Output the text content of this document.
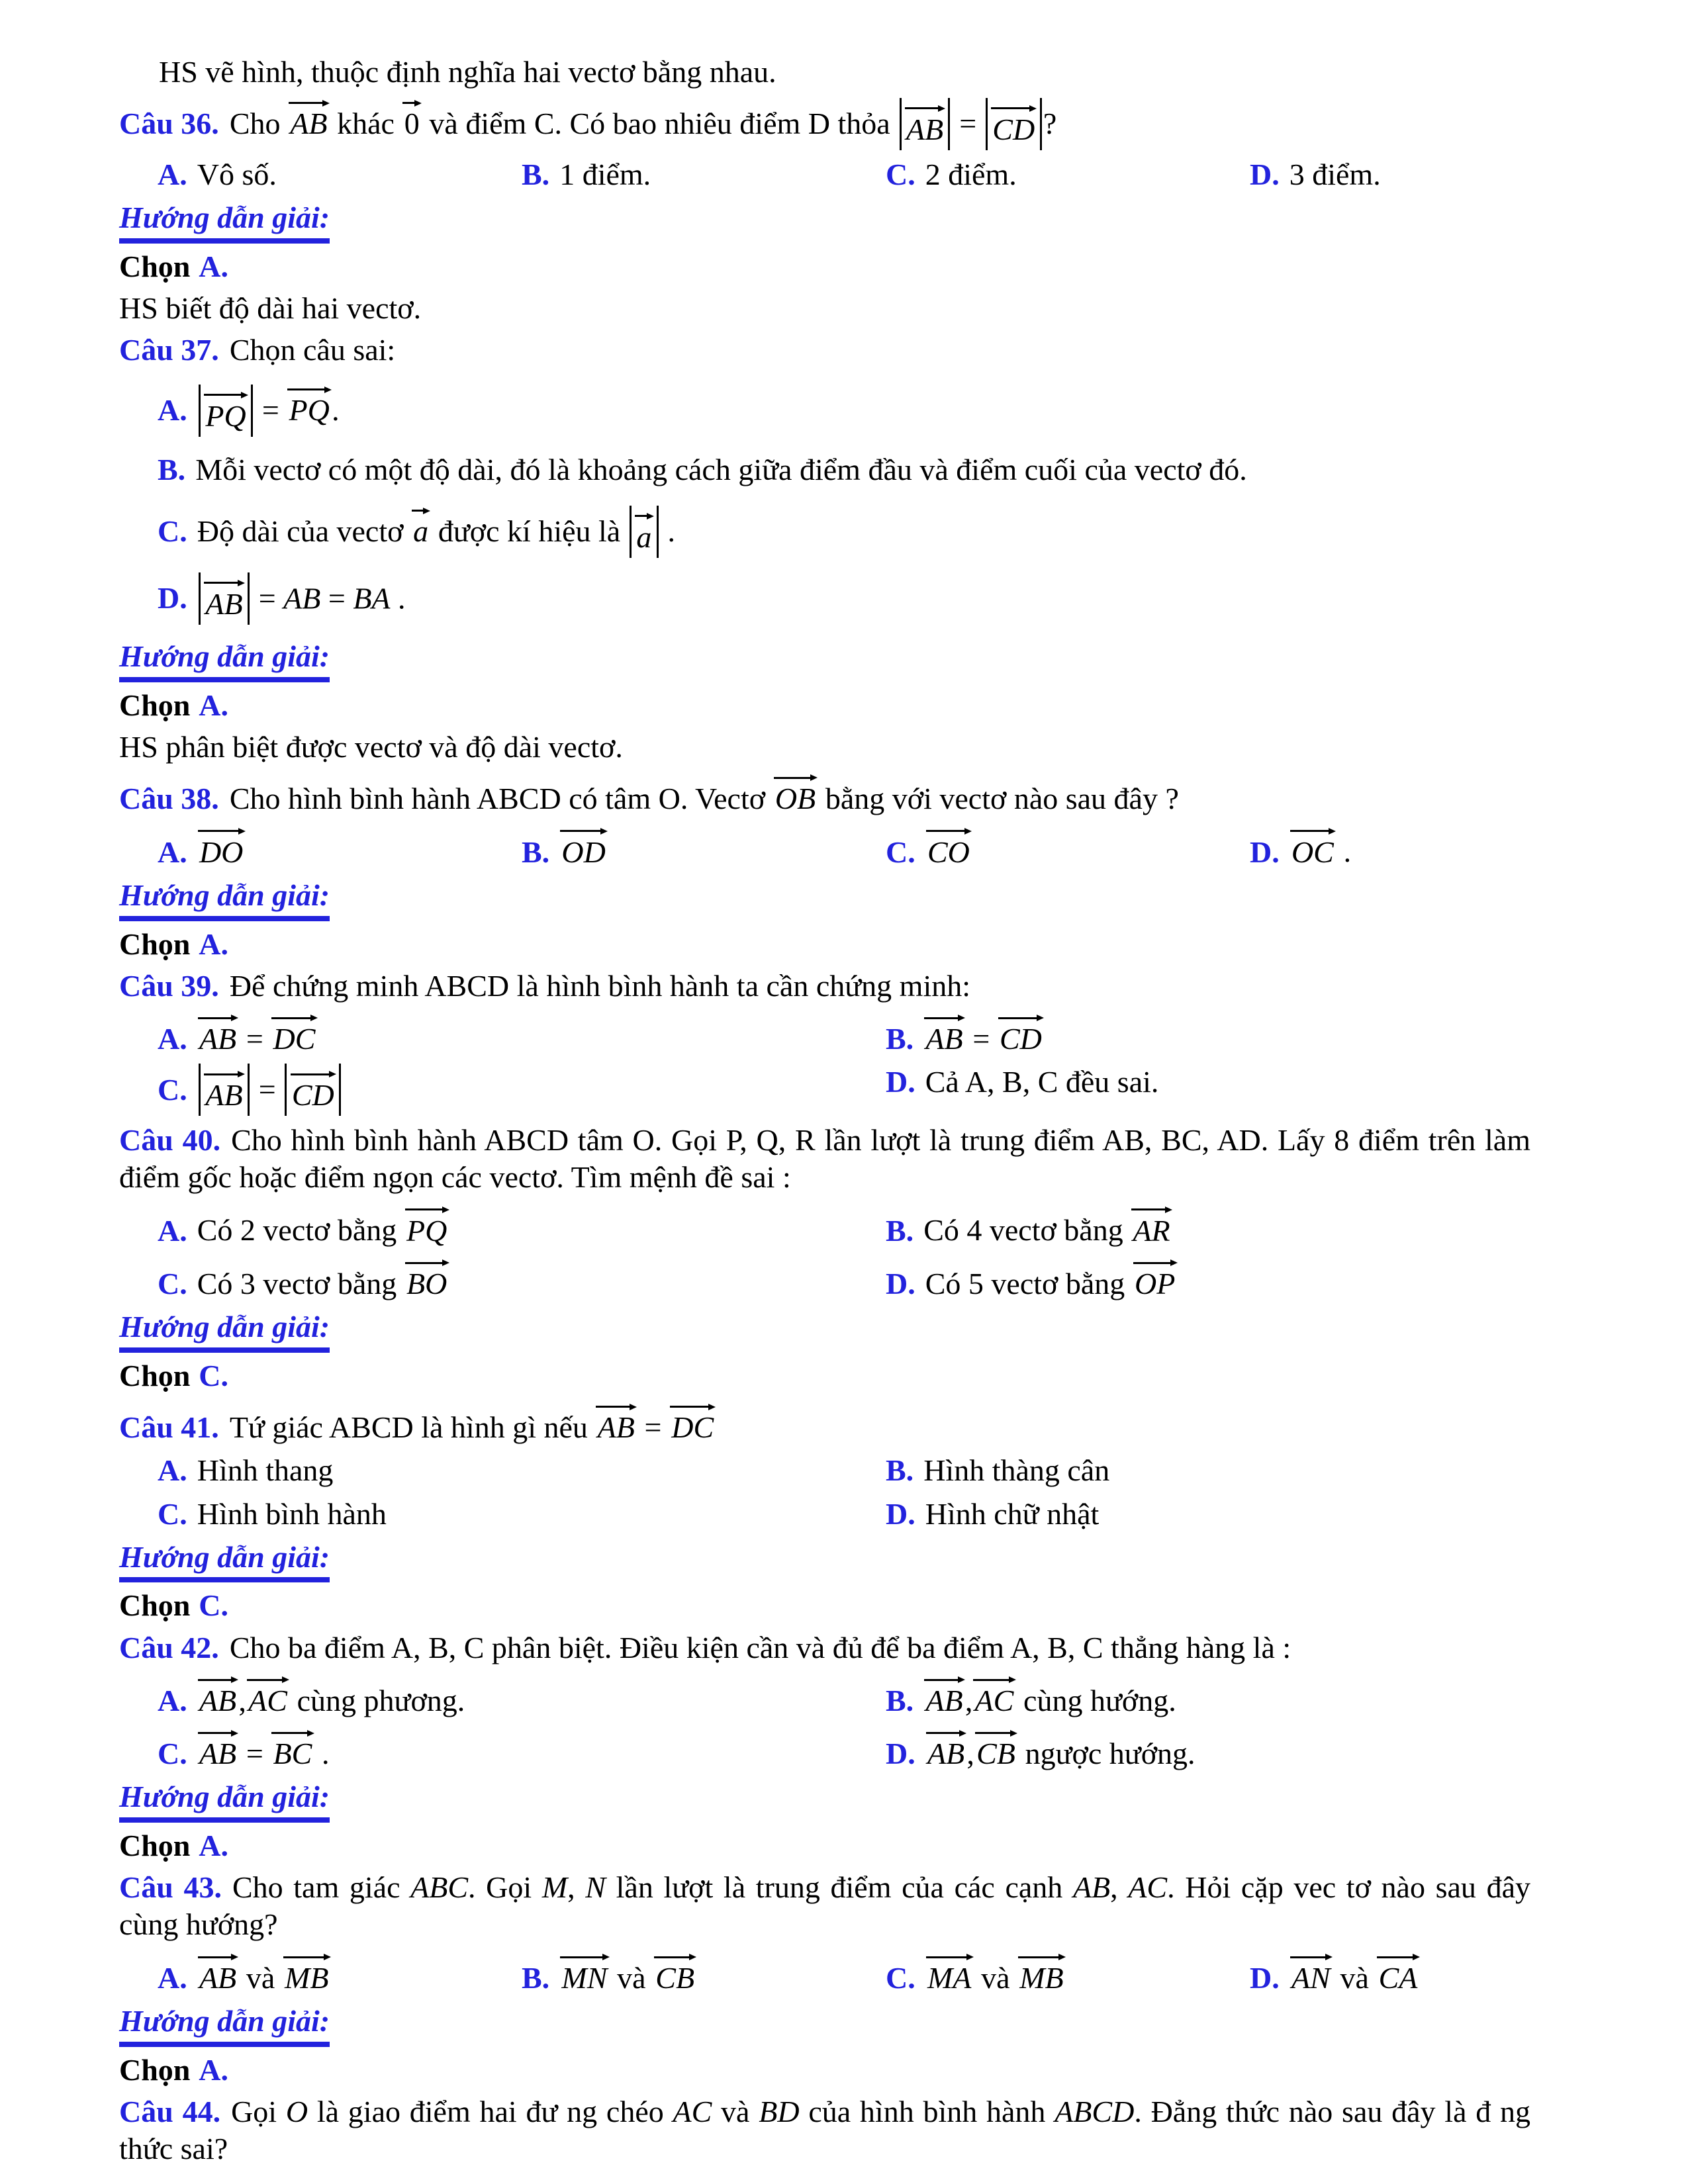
HS vẽ hình, thuộc định nghĩa hai vectơ bằng nhau.

Câu 36. Cho
AB khác
0 và điểm C. Có bao nhiêu điểm D thỏa
AB =
CD ?

A. Vô số.	B. 1 điểm.	C. 2 điểm.	D. 3 điểm.

Hướng dẫn giải:

Chọn A.

HS biết độ dài hai vectơ.

Câu 37. Chọn câu sai:

A. PQ =
PQ.
B. Mỗi vectơ có một độ dài, đó là khoảng cách giữa điểm đầu và điểm cuối của vectơ đó.
C. Độ dài của vectơ
a được kí hiệu là
a .
D. AB = AB = BA .

Hướng dẫn giải:

Chọn A.

HS phân biệt được vectơ và độ dài vectơ.

Câu 38. Cho hình bình hành ABCD có tâm O. Vectơ
OB bằng với vectơ nào sau đây ?

A. DO	B. OD	C. CO	D. OC .

Hướng dẫn giải:

Chọn A.

Câu 39. Để chứng minh ABCD là hình bình hành ta cần chứng minh:

A. AB =
DC	B. AB =
CD
C. AB =
CD	D. Cả A, B, C đều sai.

Câu 40. Cho hình bình hành ABCD tâm O. Gọi P, Q, R lần lượt là trung điểm AB, BC, AD. Lấy 8 điểm trên làm điểm gốc hoặc điểm ngọn các vectơ. Tìm mệnh đề sai :

A. Có 2 vectơ bằng
PQ	B. Có 4 vectơ bằng
AR
C. Có 3 vectơ bằng
BO	D. Có 5 vectơ bằng
OP

Hướng dẫn giải:

Chọn C.

Câu 41. Tứ giác ABCD là hình gì nếu
AB =
DC

A. Hình thang	B. Hình thàng cân
C. Hình bình hành	D. Hình chữ nhật

Hướng dẫn giải:

Chọn C.

Câu 42. Cho ba điểm A, B, C phân biệt. Điều kiện cần và đủ để ba điểm A, B, C thẳng hàng là :

A. AB,
AC cùng phương.	B. AB,
AC cùng hướng.
C. AB =
BC .	D. AB,
CB ngược hướng.

Hướng dẫn giải:

Chọn A.

Câu 43. Cho tam giác ABC. Gọi M, N lần lượt là trung điểm của các cạnh AB, AC. Hỏi cặp vec tơ nào sau đây cùng hướng?

A. AB và
MB	B. MN và
CB	C. MA và
MB	D. AN và
CA

Hướng dẫn giải:

Chọn A.

Câu 44. Gọi O là giao điểm hai đư ng chéo AC và BD của hình bình hành ABCD. Đẳng thức nào sau đây là đ ng thức sai?
